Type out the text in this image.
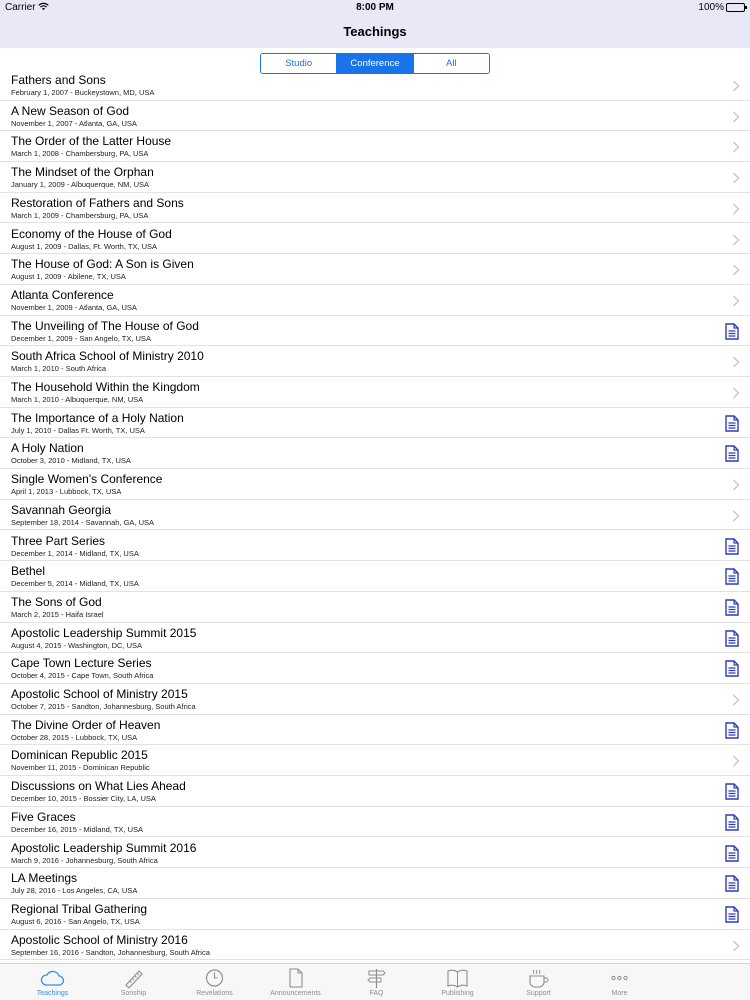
Carrier	8:00 PM	100%
Teachings
Studio	Conference	All
Fathers and Sons
February 1, 2007 - Buckeystown, MD, USA
A New Season of God
November 1, 2007 - Atlanta, GA, USA
The Order of the Latter House
March 1, 2008 - Chambersburg, PA, USA
The Mindset of the Orphan
January 1, 2009 - Albuquerque, NM, USA
Restoration of Fathers and Sons
March 1, 2009 - Chambersburg, PA, USA
Economy of the House of God
August 1, 2009 - Dallas, Ft. Worth, TX, USA
The House of God: A Son is Given
August 1, 2009 - Abilene, TX, USA
Atlanta Conference
November 1, 2009 - Atlanta, GA, USA
The Unveiling of The House of God
December 1, 2009 - San Angelo, TX, USA
South Africa School of Ministry 2010
March 1, 2010 - South Africa
The Household Within the Kingdom
March 1, 2010 - Albuquerque, NM, USA
The Importance of a Holy Nation
July 1, 2010 - Dallas Ft. Worth, TX, USA
A Holy Nation
October 3, 2010 - Midland, TX, USA
Single Women's Conference
April 1, 2013 - Lubbock, TX, USA
Savannah Georgia
September 18, 2014 - Savannah, GA, USA
Three Part Series
December 1, 2014 - Midland, TX, USA
Bethel
December 5, 2014 - Midland, TX, USA
The Sons of God
March 2, 2015 - Haifa Israel
Apostolic Leadership Summit 2015
August 4, 2015 - Washington, DC, USA
Cape Town Lecture Series
October 4, 2015 - Cape Town, South Africa
Apostolic School of Ministry 2015
October 7, 2015 - Sandton, Johannesburg, South Africa
The Divine Order of Heaven
October 28, 2015 - Lubbock, TX, USA
Dominican Republic 2015
November 11, 2015 - Dominican Republic
Discussions on What Lies Ahead
December 10, 2015 - Bossier City, LA, USA
Five Graces
December 16, 2015 - Midland, TX, USA
Apostolic Leadership Summit 2016
March 9, 2016 - Johannesburg, South Africa
LA Meetings
July 28, 2016 - Los Angeles, CA, USA
Regional Tribal Gathering
August 6, 2016 - San Angelo, TX, USA
Apostolic School of Ministry 2016
September 16, 2016 - Sandton, Johannesburg, South Africa
Teachings	Sonship	Revelations	Announcements	FAQ	Publishing	Support	More
